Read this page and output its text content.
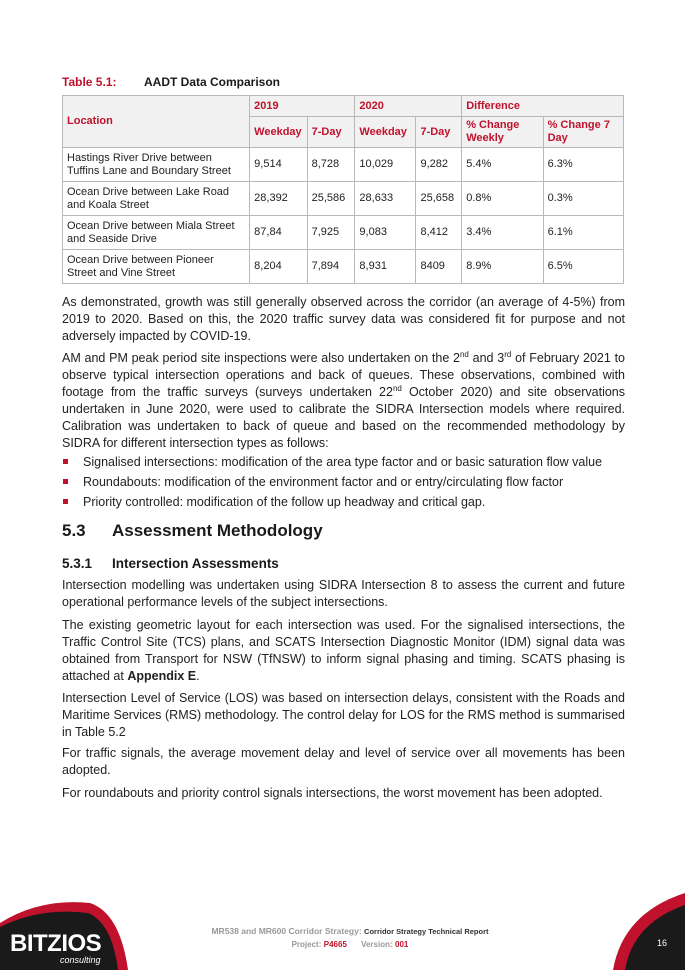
Table 5.1: AADT Data Comparison
Location	2019		2020		Difference	
	Weekday	7-Day	Weekday	7-Day	% Change Weekly	% Change 7 Day
Hastings River Drive between Tuffins Lane and Boundary Street	9,514	8,728	10,029	9,282	5.4%	6.3%
Ocean Drive between Lake Road and Koala Street	28,392	25,586	28,633	25,658	0.8%	0.3%
Ocean Drive between Miala Street and Seaside Drive	87,84	7,925	9,083	8,412	3.4%	6.1%
Ocean Drive between Pioneer Street and Vine Street	8,204	7,894	8,931	8409	8.9%	6.5%

As demonstrated, growth was still generally observed across the corridor (an average of 4-5%) from 2019 to 2020. Based on this, the 2020 traffic survey data was considered fit for purpose and not adversely impacted by COVID-19.

AM and PM peak period site inspections were also undertaken on the 2nd and 3rd of February 2021 to observe typical intersection operations and back of queues. These observations, combined with footage from the traffic surveys (surveys undertaken 22nd October 2020) and site observations undertaken in June 2020, were used to calibrate the SIDRA Intersection models where required. Calibration was undertaken to back of queue and based on the recommended methodology by SIDRA for different intersection types as follows:

Signalised intersections: modification of the area type factor and or basic saturation flow value
Roundabouts: modification of the environment factor and or entry/circulating flow factor
Priority controlled: modification of the follow up headway and critical gap.
5.3 Assessment Methodology
5.3.1 Intersection Assessments

Intersection modelling was undertaken using SIDRA Intersection 8 to assess the current and future operational performance levels of the subject intersections.

The existing geometric layout for each intersection was used. For the signalised intersections, the Traffic Control Site (TCS) plans, and SCATS Intersection Diagnostic Monitor (IDM) signal data was obtained from Transport for NSW (TfNSW) to inform signal phasing and timing. SCATS phasing is attached at Appendix E.

Intersection Level of Service (LOS) was based on intersection delays, consistent with the Roads and Maritime Services (RMS) methodology. The control delay for LOS for the RMS method is summarised in Table 5.2

For traffic signals, the average movement delay and level of service over all movements has been adopted.

For roundabouts and priority control signals intersections, the worst movement has been adopted.

BITZIOS
consulting
16
MR538 and MR600 Corridor Strategy: Corridor Strategy Technical Report
Project: P4665 Version: 001
